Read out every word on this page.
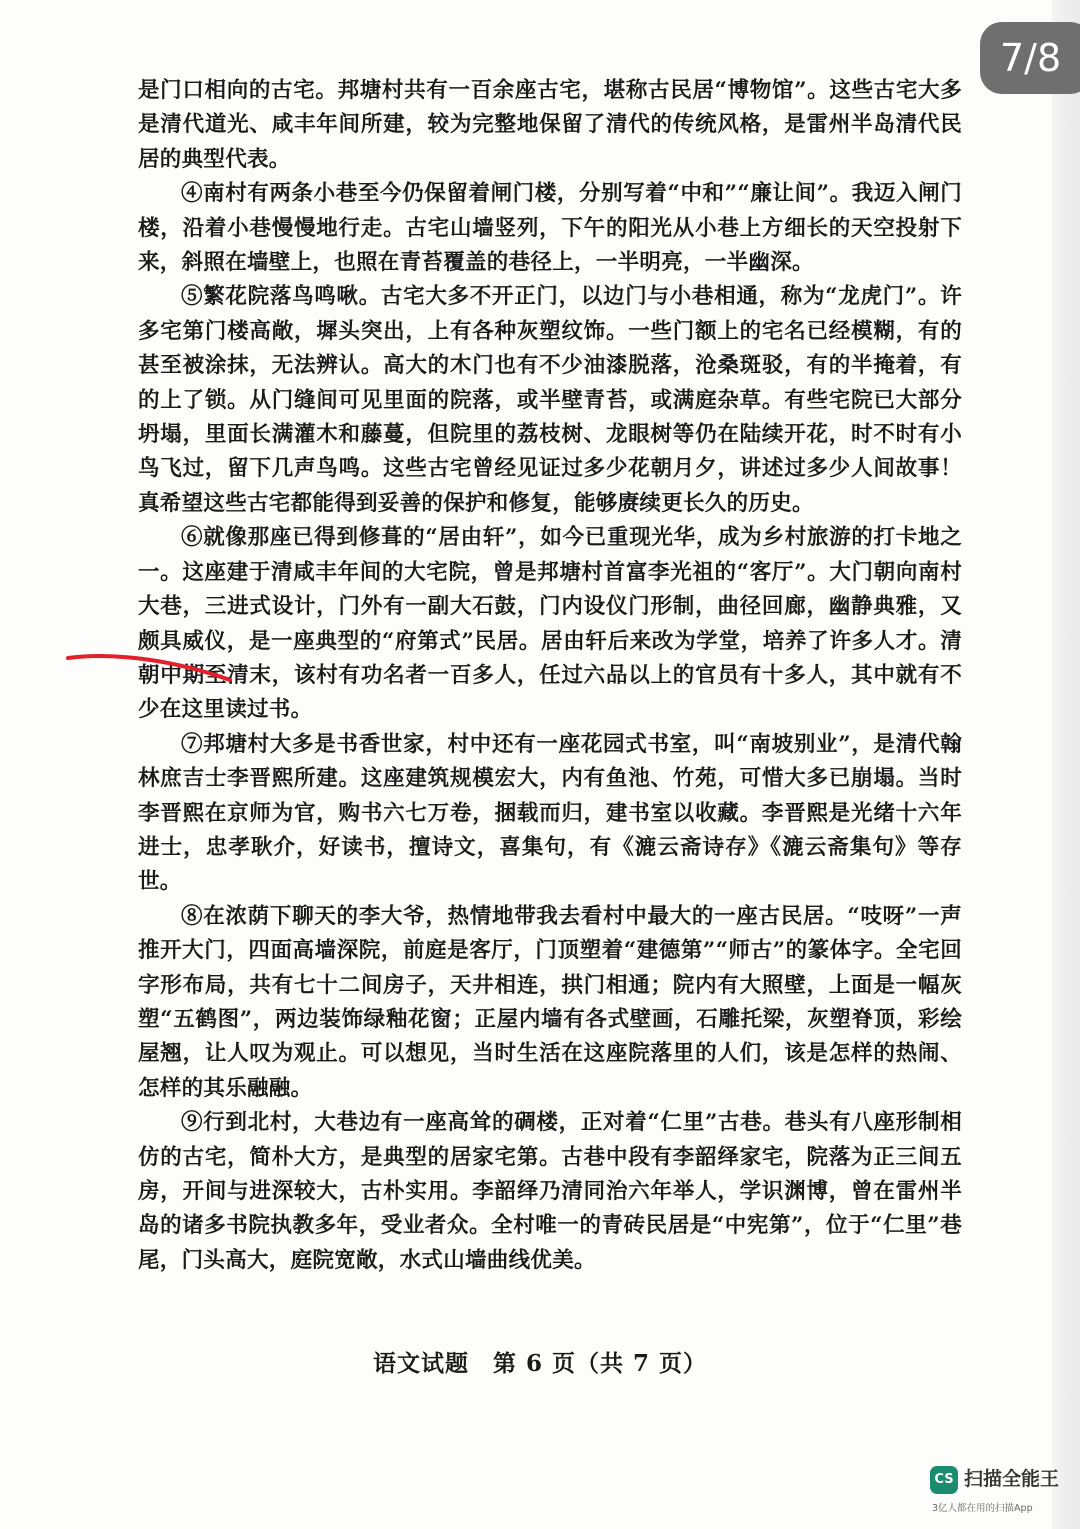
7/8

是门口相向的古宅。邦塘村共有一百余座古宅，堪称古民居“博物馆”。这些古宅大多是清代道光、咸丰年间所建，较为完整地保留了清代的传统风格，是雷州半岛清代民居的典型代表。

④南村有两条小巷至今仍保留着闸门楼，分别写着“中和”“廉让间”。我迈入闸门楼，沿着小巷慢慢地行走。古宅山墙竖列，下午的阳光从小巷上方细长的天空投射下来，斜照在墙壁上，也照在青苔覆盖的巷径上，一半明亮，一半幽深。

⑤繁花院落鸟鸣啾。古宅大多不开正门，以边门与小巷相通，称为“龙虎门”。许多宅第门楼高敞，墀头突出，上有各种灰塑纹饰。一些门额上的宅名已经模糊，有的甚至被涂抹，无法辨认。高大的木门也有不少油漆脱落，沧桑斑驳，有的半掩着，有的上了锁。从门缝间可见里面的院落，或半壁青苔，或满庭杂草。有些宅院已大部分坍塌，里面长满灌木和藤蔓，但院里的荔枝树、龙眼树等仍在陆续开花，时不时有小鸟飞过，留下几声鸟鸣。这些古宅曾经见证过多少花朝月夕，讲述过多少人间故事！真希望这些古宅都能得到妥善的保护和修复，能够赓续更长久的历史。

⑥就像那座已得到修葺的“居由轩”，如今已重现光华，成为乡村旅游的打卡地之一。这座建于清咸丰年间的大宅院，曾是邦塘村首富李光祖的“客厅”。大门朝向南村大巷，三进式设计，门外有一副大石鼓，门内设仪门形制，曲径回廊，幽静典雅，又颇具威仪，是一座典型的“府第式”民居。居由轩后来改为学堂，培养了许多人才。清朝中期至清末，该村有功名者一百多人，任过六品以上的官员有十多人，其中就有不少在这里读过书。

⑦邦塘村大多是书香世家，村中还有一座花园式书室，叫“南坡别业”，是清代翰林庶吉士李晋熙所建。这座建筑规模宏大，内有鱼池、竹苑，可惜大多已崩塌。当时李晋熙在京师为官，购书六七万卷，捆载而归，建书室以收藏。李晋熙是光绪十六年进士，忠孝耿介，好读书，擅诗文，喜集句，有《漉云斋诗存》《漉云斋集句》等存世。

⑧在浓荫下聊天的李大爷，热情地带我去看村中最大的一座古民居。“吱呀”一声推开大门，四面高墙深院，前庭是客厅，门顶塑着“建德第”“师古”的篆体字。全宅回字形布局，共有七十二间房子，天井相连，拱门相通；院内有大照壁，上面是一幅灰塑“五鹤图”，两边装饰绿釉花窗；正屋内墙有各式壁画，石雕托梁，灰塑脊顶，彩绘屋翘，让人叹为观止。可以想见，当时生活在这座院落里的人们，该是怎样的热闹、怎样的其乐融融。

⑨行到北村，大巷边有一座高耸的碉楼，正对着“仁里”古巷。巷头有八座形制相仿的古宅，简朴大方，是典型的居家宅第。古巷中段有李韶绎家宅，院落为正三间五房，开间与进深较大，古朴实用。李韶绎乃清同治六年举人，学识渊博，曾在雷州半岛的诸多书院执教多年，受业者众。全村唯一的青砖民居是“中宪第”，位于“仁里”巷尾，门头高大，庭院宽敞，水式山墙曲线优美。

语文试题　第 6 页（共 7 页）
CS 扫描全能王
3亿人都在用的扫描App
